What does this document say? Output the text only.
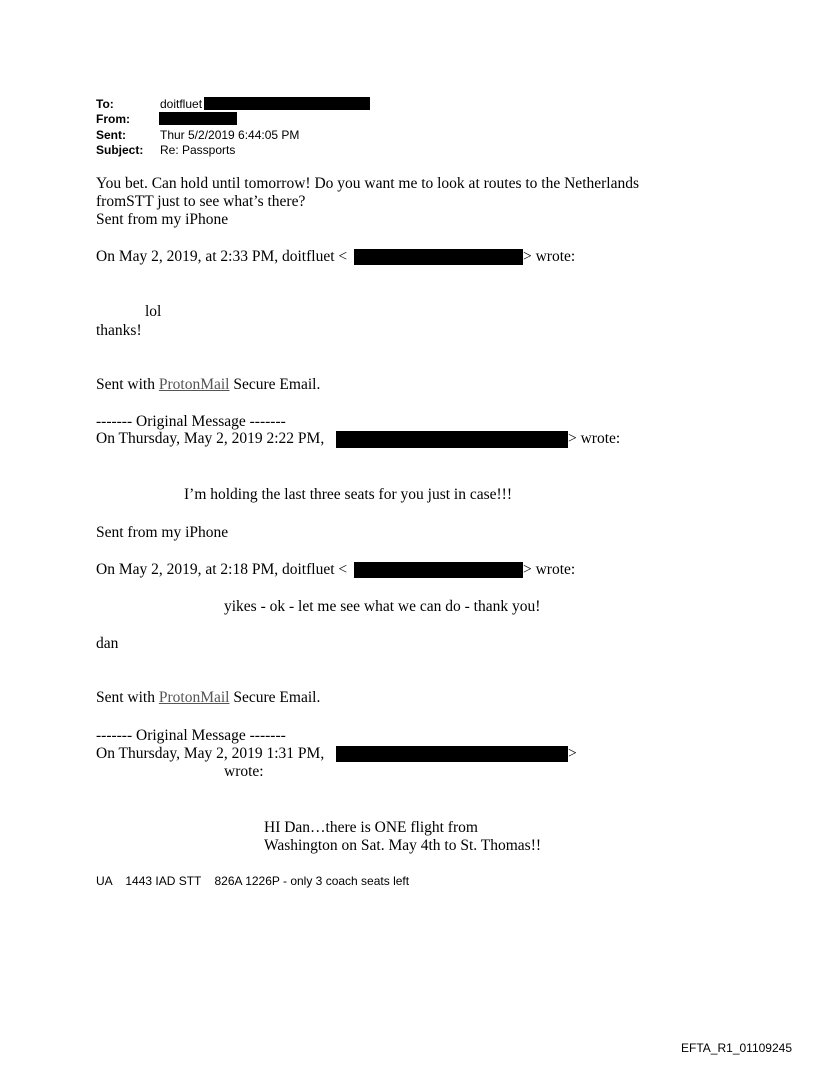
To:	doitfluet
From:
Sent:	Thur 5/2/2019 6:44:05 PM
Subject: Re: Passports
You bet. Can hold until tomorrow! Do you want me to look at routes to the Netherlands
fromSTT just to see what’s there?
Sent from my iPhone
On May 2, 2019, at 2:33 PM, doitfluet <	> wrote:
lol
thanks!
Sent with ProtonMail Secure Email.
------- Original Message -------
On Thursday, May 2, 2019 2:22 PM,	> wrote:
I’m holding the last three seats for you just in case!!!
Sent from my iPhone
On May 2, 2019, at 2:18 PM, doitfluet <	> wrote:
yikes - ok - let me see what we can do - thank you!
dan
Sent with ProtonMail Secure Email.
------- Original Message -------
On Thursday, May 2, 2019 1:31 PM,	>
wrote:
HI Dan…there is ONE flight from
Washington on Sat. May 4th to St. Thomas!!
UA    1443 IAD STT    826A 1226P - only 3 coach seats left
EFTA_R1_01109245
